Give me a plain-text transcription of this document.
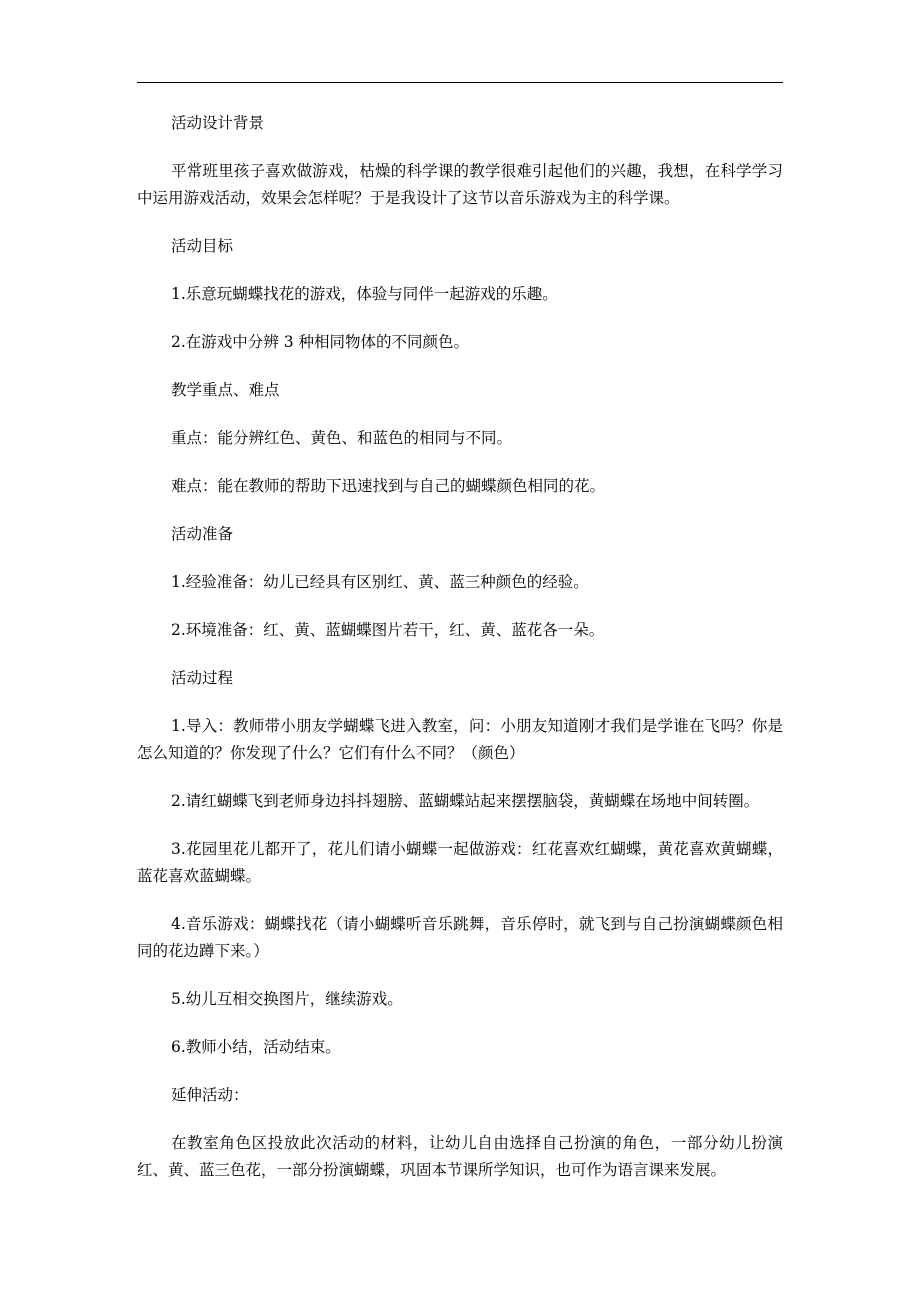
活动设计背景

平常班里孩子喜欢做游戏，枯燥的科学课的教学很难引起他们的兴趣，我想，在科学学习中运用游戏活动，效果会怎样呢？于是我设计了这节以音乐游戏为主的科学课。

活动目标

1.乐意玩蝴蝶找花的游戏，体验与同伴一起游戏的乐趣。

2.在游戏中分辨 3 种相同物体的不同颜色。

教学重点、难点

重点：能分辨红色、黄色、和蓝色的相同与不同。

难点：能在教师的帮助下迅速找到与自己的蝴蝶颜色相同的花。

活动准备

1.经验准备：幼儿已经具有区别红、黄、蓝三种颜色的经验。

2.环境准备：红、黄、蓝蝴蝶图片若干，红、黄、蓝花各一朵。

活动过程

1.导入：教师带小朋友学蝴蝶飞进入教室，问：小朋友知道刚才我们是学谁在飞吗？你是怎么知道的？你发现了什么？它们有什么不同？（颜色）

2.请红蝴蝶飞到老师身边抖抖翅膀、蓝蝴蝶站起来摆摆脑袋，黄蝴蝶在场地中间转圈。

3.花园里花儿都开了，花儿们请小蝴蝶一起做游戏：红花喜欢红蝴蝶，黄花喜欢黄蝴蝶，蓝花喜欢蓝蝴蝶。

4.音乐游戏：蝴蝶找花（请小蝴蝶听音乐跳舞，音乐停时，就飞到与自己扮演蝴蝶颜色相同的花边蹲下来。）

5.幼儿互相交换图片，继续游戏。

6.教师小结，活动结束。

延伸活动：

在教室角色区投放此次活动的材料，让幼儿自由选择自己扮演的角色，一部分幼儿扮演红、黄、蓝三色花，一部分扮演蝴蝶，巩固本节课所学知识，也可作为语言课来发展。
